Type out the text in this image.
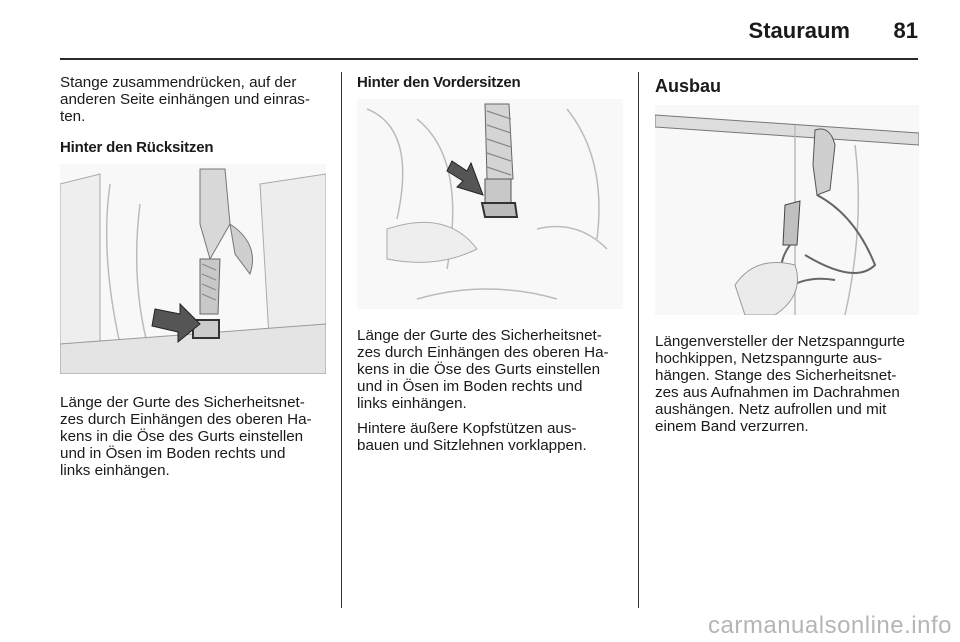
Stauraum	81

Stange zusammendrücken, auf der
anderen Seite einhängen und einras-
ten.

Hinter den Rücksitzen

Länge der Gurte des Sicherheitsnet-
zes durch Einhängen des oberen Ha-
kens in die Öse des Gurts einstellen
und in Ösen im Boden rechts und
links einhängen.

Hinter den Vordersitzen

Länge der Gurte des Sicherheitsnet-
zes durch Einhängen des oberen Ha-
kens in die Öse des Gurts einstellen
und in Ösen im Boden rechts und
links einhängen.

Hintere äußere Kopfstützen aus-
bauen und Sitzlehnen vorklappen.

Ausbau

Längenversteller der Netzspanngurte
hochkippen, Netzspanngurte aus-
hängen. Stange des Sicherheitsnet-
zes aus Aufnahmen im Dachrahmen
aushängen. Netz aufrollen und mit
einem Band verzurren.

carmanualsonline.info
